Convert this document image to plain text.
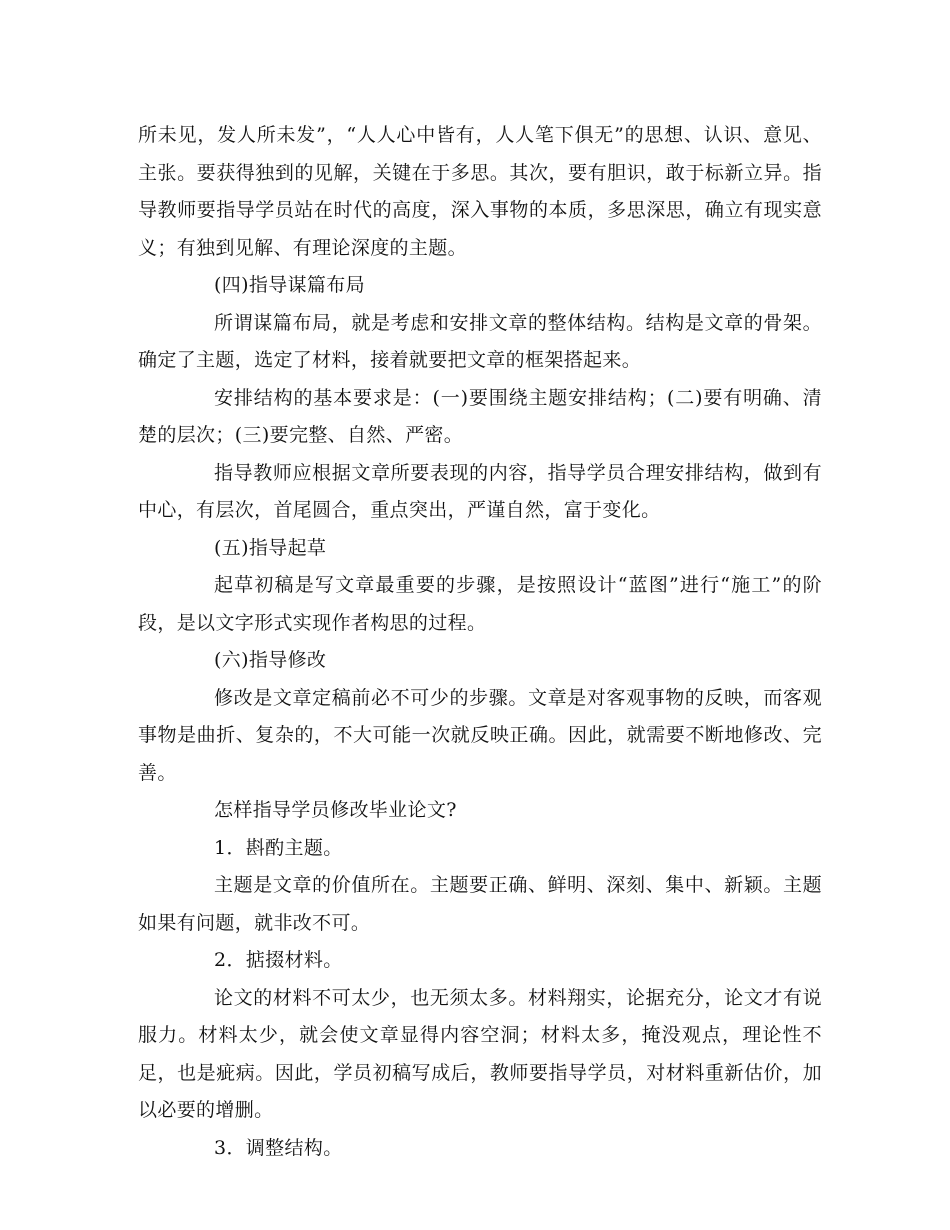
所未见，发人所未发”，“人人心中皆有，人人笔下俱无”的思想、认识、意见、主张。要获得独到的见解，关键在于多思。其次，要有胆识，敢于标新立异。指导教师要指导学员站在时代的高度，深入事物的本质，多思深思，确立有现实意义；有独到见解、有理论深度的主题。

(四)指导谋篇布局

所谓谋篇布局，就是考虑和安排文章的整体结构。结构是文章的骨架。确定了主题，选定了材料，接着就要把文章的框架搭起来。

安排结构的基本要求是：(一)要围绕主题安排结构；(二)要有明确、清楚的层次；(三)要完整、自然、严密。

指导教师应根据文章所要表现的内容，指导学员合理安排结构，做到有中心，有层次，首尾圆合，重点突出，严谨自然，富于变化。

(五)指导起草

起草初稿是写文章最重要的步骤，是按照设计“蓝图”进行“施工”的阶段，是以文字形式实现作者构思的过程。

(六)指导修改

修改是文章定稿前必不可少的步骤。文章是对客观事物的反映，而客观事物是曲折、复杂的，不大可能一次就反映正确。因此，就需要不断地修改、完善。

怎样指导学员修改毕业论文?

1．斟酌主题。

主题是文章的价值所在。主题要正确、鲜明、深刻、集中、新颖。主题如果有问题，就非改不可。

2．掂掇材料。

论文的材料不可太少，也无须太多。材料翔实，论据充分，论文才有说服力。材料太少，就会使文章显得内容空洞；材料太多，掩没观点，理论性不足，也是疵病。因此，学员初稿写成后，教师要指导学员，对材料重新估价，加以必要的增删。

3．调整结构。
